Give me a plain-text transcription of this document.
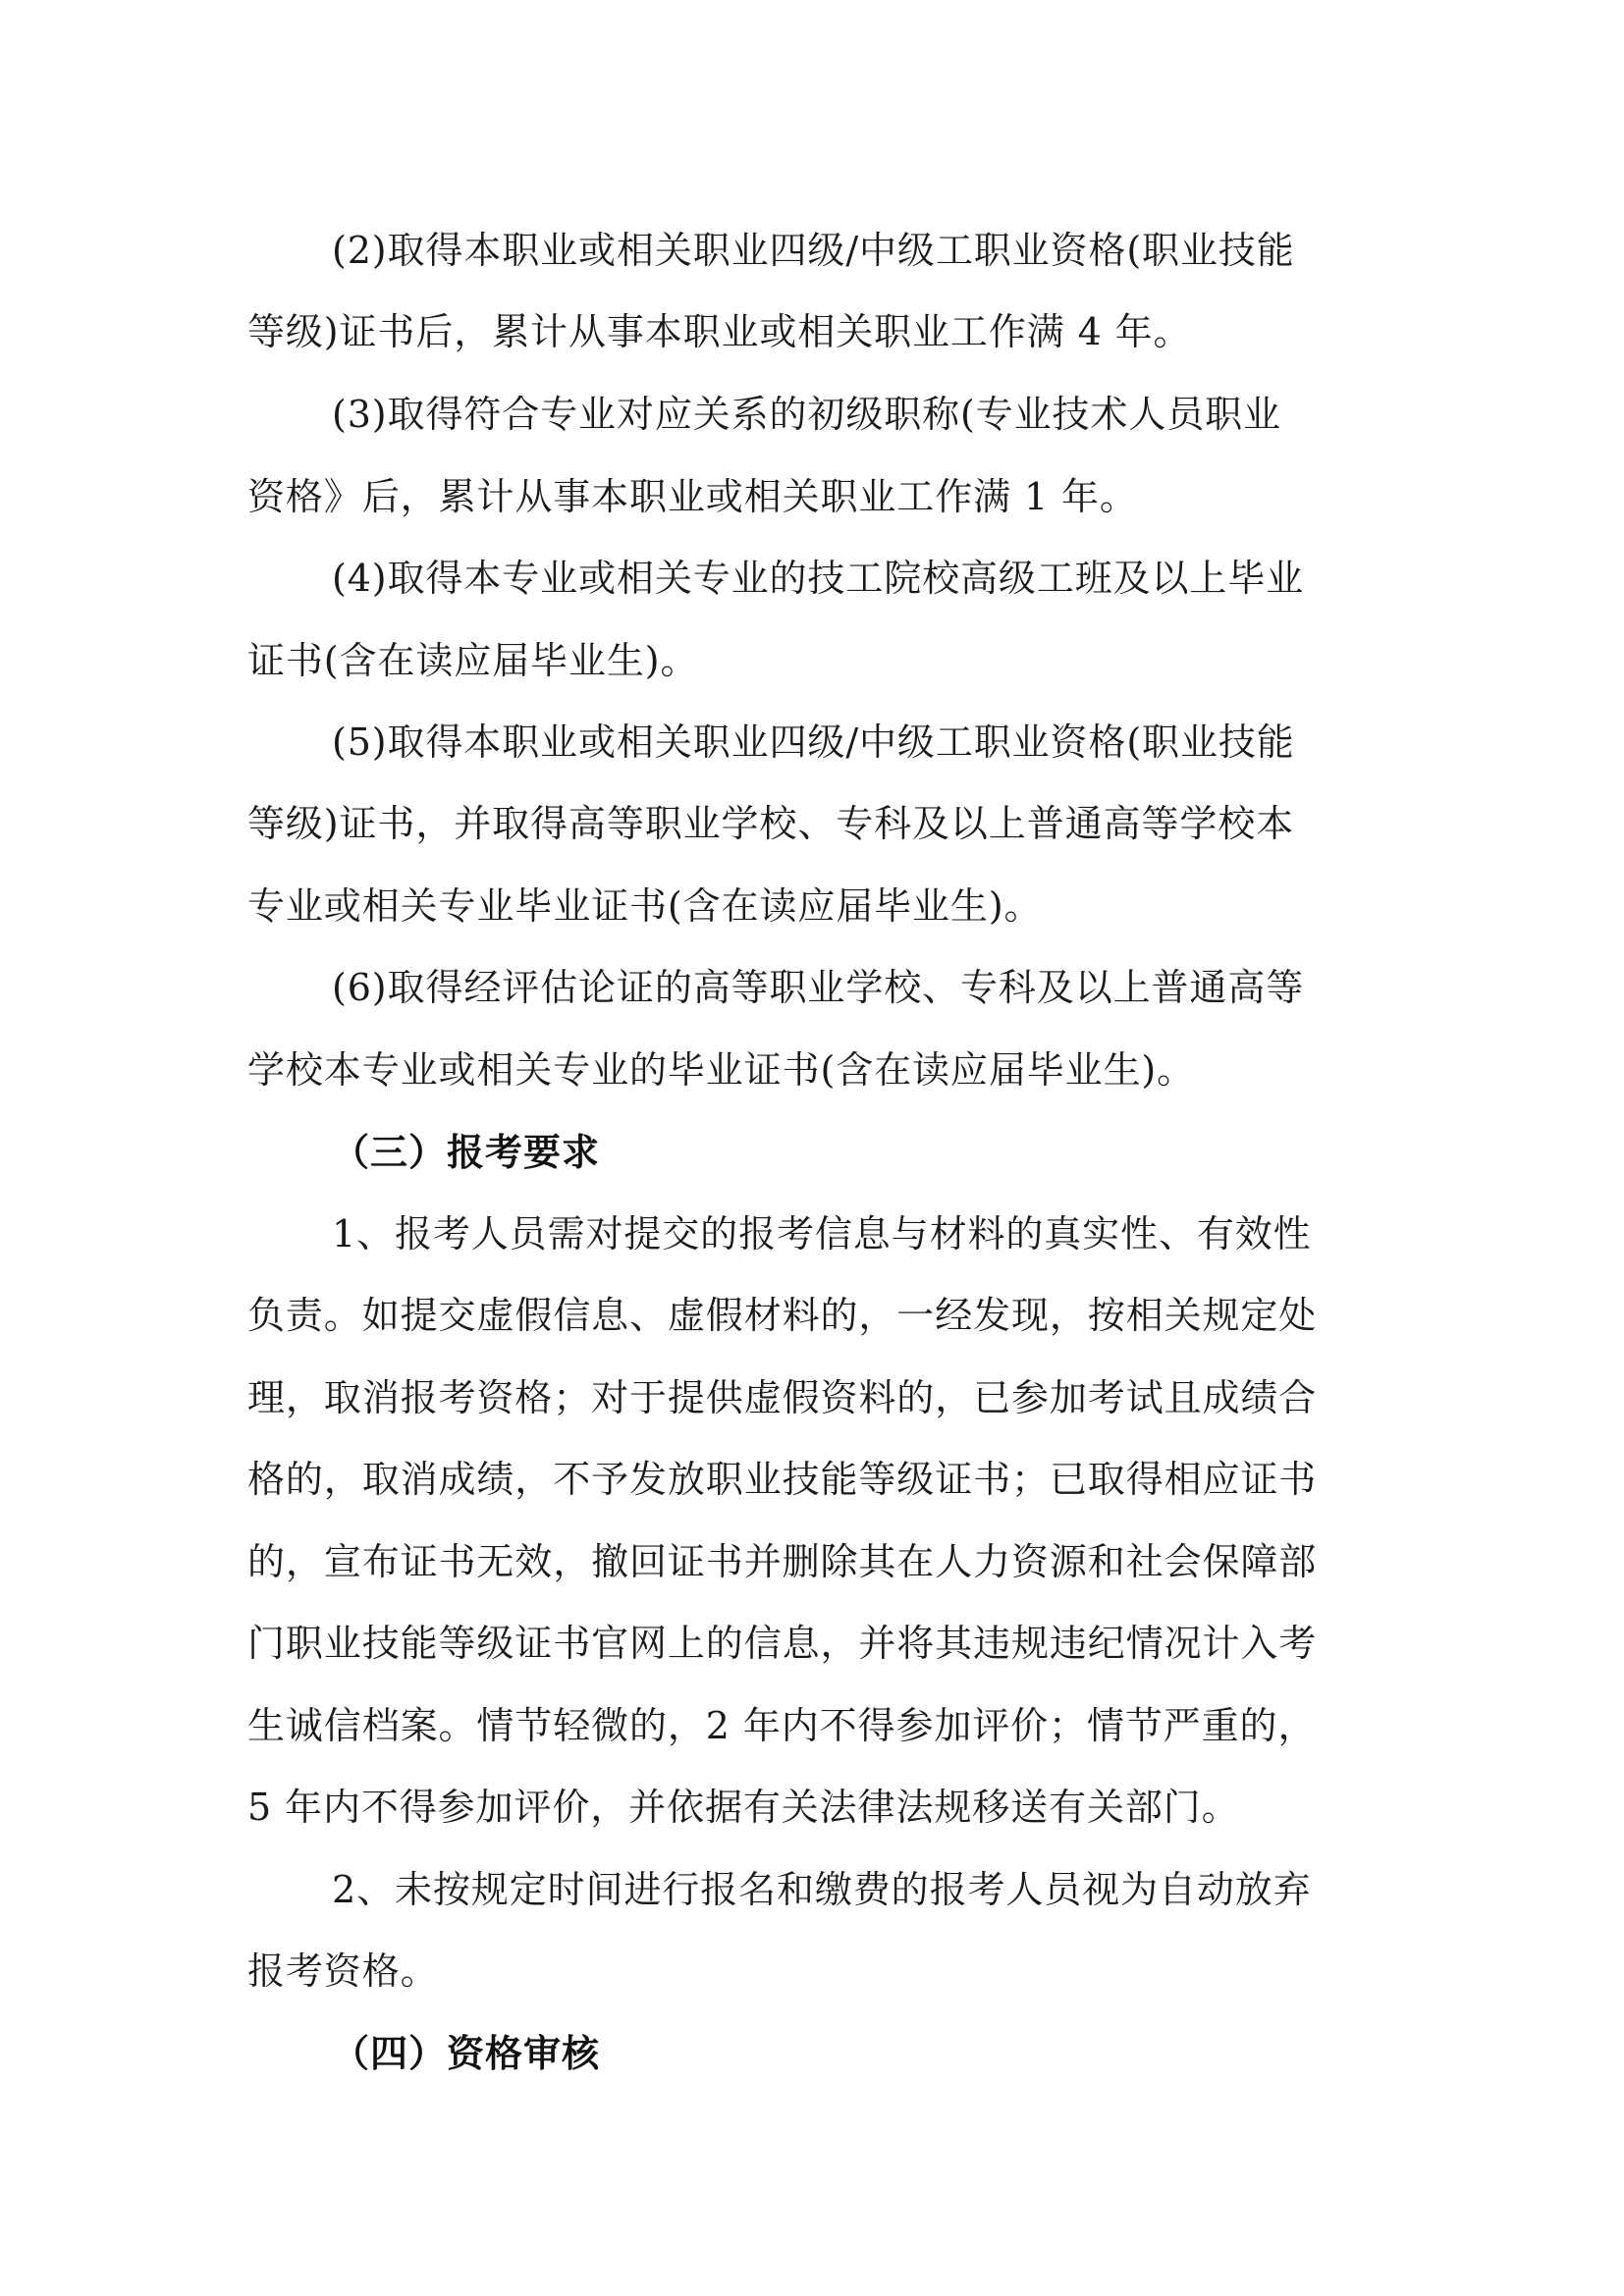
(2)取得本职业或相关职业四级/中级工职业资格(职业技能
等级)证书后，累计从事本职业或相关职业工作满 4 年。
(3)取得符合专业对应关系的初级职称(专业技术人员职业
资格》后，累计从事本职业或相关职业工作满 1 年。
(4)取得本专业或相关专业的技工院校高级工班及以上毕业
证书(含在读应届毕业生)。
(5)取得本职业或相关职业四级/中级工职业资格(职业技能
等级)证书，并取得高等职业学校、专科及以上普通高等学校本
专业或相关专业毕业证书(含在读应届毕业生)。
(6)取得经评估论证的高等职业学校、专科及以上普通高等
学校本专业或相关专业的毕业证书(含在读应届毕业生)。
（三）报考要求
1、报考人员需对提交的报考信息与材料的真实性、有效性
负责。如提交虚假信息、虚假材料的，一经发现，按相关规定处
理，取消报考资格；对于提供虚假资料的，已参加考试且成绩合
格的，取消成绩，不予发放职业技能等级证书；已取得相应证书
的，宣布证书无效，撤回证书并删除其在人力资源和社会保障部
门职业技能等级证书官网上的信息，并将其违规违纪情况计入考
生诚信档案。情节轻微的，2 年内不得参加评价；情节严重的，
5 年内不得参加评价，并依据有关法律法规移送有关部门。
2、未按规定时间进行报名和缴费的报考人员视为自动放弃
报考资格。
（四）资格审核
